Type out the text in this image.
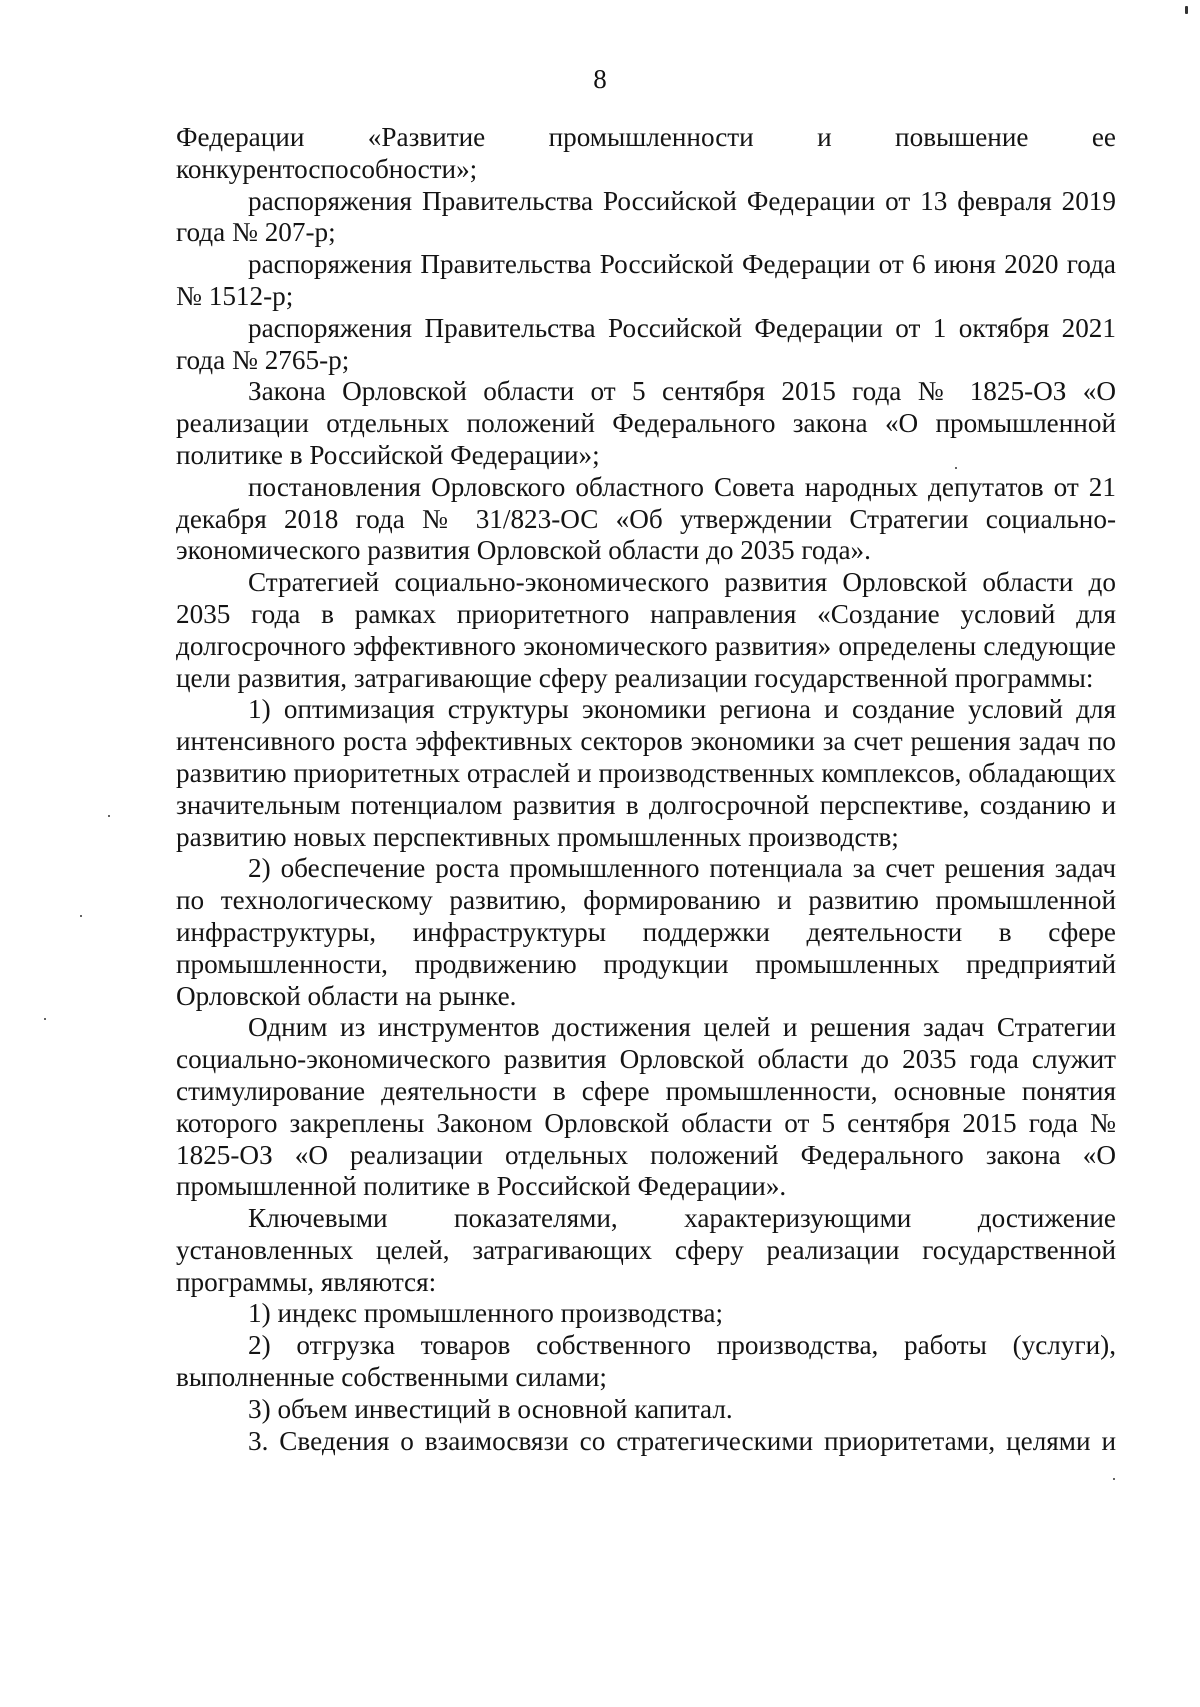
8

Федерации «Развитие промышленности и повышение ее конкурентоспособности»;

распоряжения Правительства Российской Федерации от 13 февраля 2019 года № 207-р;

распоряжения Правительства Российской Федерации от 6 июня 2020 года № 1512-р;

распоряжения Правительства Российской Федерации от 1 октября 2021 года № 2765-р;

Закона Орловской области от 5 сентября 2015 года № 1825-ОЗ «О реализации отдельных положений Федерального закона «О промышленной политике в Российской Федерации»;

постановления Орловского областного Совета народных депутатов от 21 декабря 2018 года № 31/823-ОС «Об утверждении Стратегии социально-экономического развития Орловской области до 2035 года».

Стратегией социально-экономического развития Орловской области до 2035 года в рамках приоритетного направления «Создание условий для долгосрочного эффективного экономического развития» определены следующие цели развития, затрагивающие сферу реализации государственной программы:

1) оптимизация структуры экономики региона и создание условий для интенсивного роста эффективных секторов экономики за счет решения задач по развитию приоритетных отраслей и производственных комплексов, обладающих значительным потенциалом развития в долгосрочной перспективе, созданию и развитию новых перспективных промышленных производств;

2) обеспечение роста промышленного потенциала за счет решения задач по технологическому развитию, формированию и развитию промышленной инфраструктуры, инфраструктуры поддержки деятельности в сфере промышленности, продвижению продукции промышленных предприятий Орловской области на рынке.

Одним из инструментов достижения целей и решения задач Стратегии социально-экономического развития Орловской области до 2035 года служит стимулирование деятельности в сфере промышленности, основные понятия которого закреплены Законом Орловской области от 5 сентября 2015 года № 1825-ОЗ «О реализации отдельных положений Федерального закона «О промышленной политике в Российской Федерации».

Ключевыми показателями, характеризующими достижение установленных целей, затрагивающих сферу реализации государственной программы, являются:

1) индекс промышленного производства;

2) отгрузка товаров собственного производства, работы (услуги), выполненные собственными силами;

3) объем инвестиций в основной капитал.

3. Сведения о взаимосвязи со стратегическими приоритетами, целями и
